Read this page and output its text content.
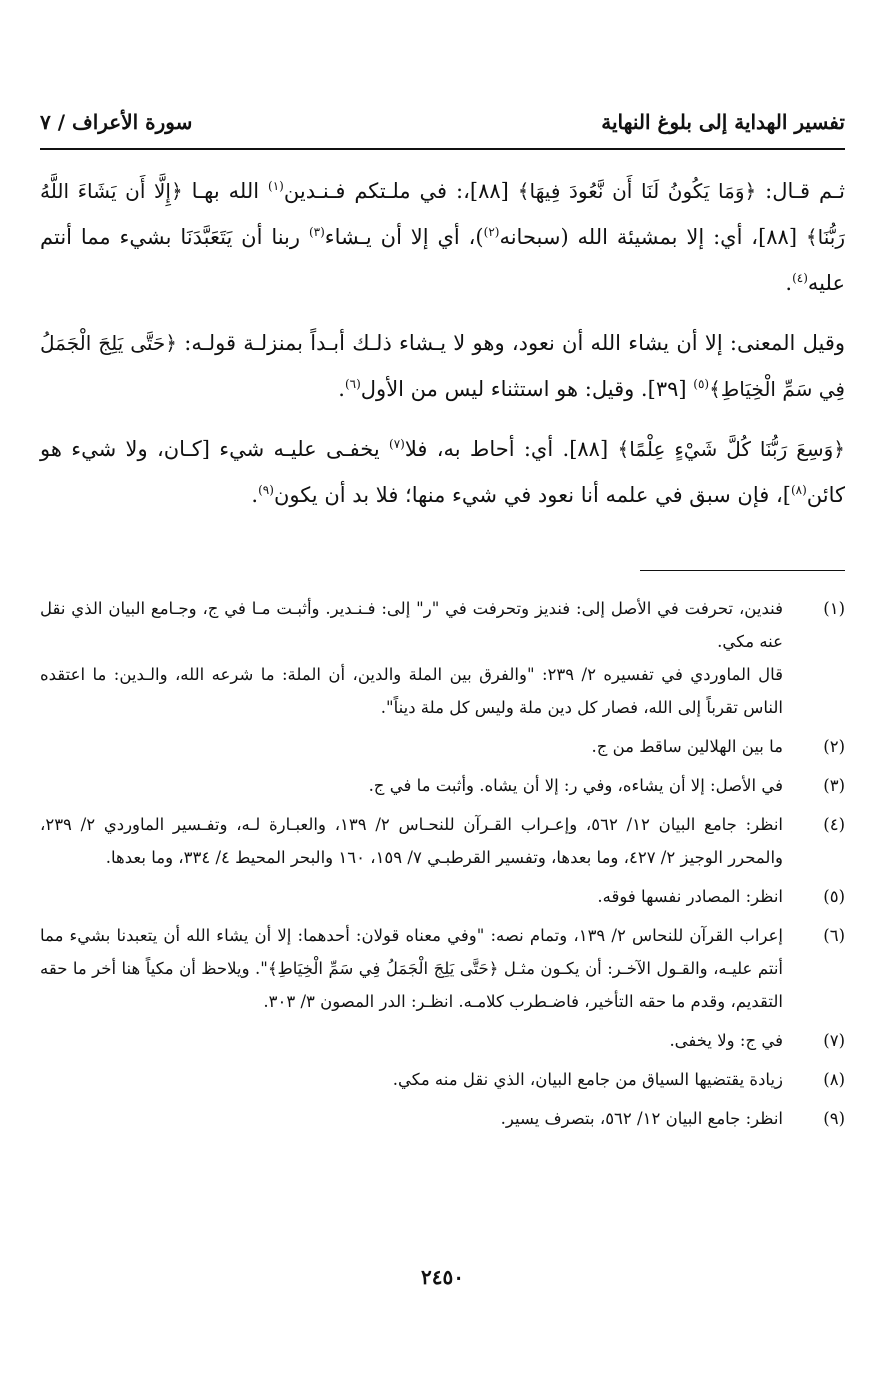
تفسير الهداية إلى بلوغ النهاية
سورة الأعراف / ٧

ثـم قـال: ﴿وَمَا يَكُونُ لَنَا أَن نَّعُودَ فِيهَا﴾ [٨٨]،: في ملـتكم فـنـدين$^{(١)}$ الله بهـا ﴿إِلَّا أَن يَشَاءَ اللَّهُ رَبُّنَا﴾ [٨٨]، أي: إلا بمشيئة الله (سبحانه$^{(٢)}$)، أي إلا أن يـشاء$^{(٣)}$ ربنا أن يَتَعَبَّدَنَا بشيء مما أنتم عليه$^{(٤)}$.

وقيل المعنى: إلا أن يشاء الله أن نعود، وهو لا يـشاء ذلـك أبـداً بمنزلـة قولـه: ﴿حَتَّى يَلِجَ الْجَمَلُ فِي سَمِّ الْخِيَاطِ﴾$^{(٥)}$ [٣٩]. وقيل: هو استثناء ليس من الأول$^{(٦)}$.

﴿وَسِعَ رَبُّنَا كُلَّ شَيْءٍ عِلْمًا﴾ [٨٨]. أي: أحاط به، فلا$^{(٧)}$ يخفـى عليـه شيء [كـان، ولا شيء هو كائن$^{(٨)}$]، فإن سبق في علمه أنا نعود في شيء منها؛ فلا بد أن يكون$^{(٩)}$.

(١)
فندين، تحرفت في الأصل إلى: فنديز وتحرفت في "ر" إلى: فـنـدير. وأثبـت مـا في ج، وجـامع البيان الذي نقل عنه مكي.
قال الماوردي في تفسيره ٢/ ٢٣٩: "والفرق بين الملة والدين، أن الملة: ما شرعه الله، والـدين: ما اعتقده الناس تقرباً إلى الله، فصار كل دين ملة وليس كل ملة ديناً".
(٢)
ما بين الهلالين ساقط من ج.
(٣)
في الأصل: إلا أن يشاءه، وفي ر: إلا أن يشاه. وأثبت ما في ج.
(٤)
انظر: جامع البيان ١٢/ ٥٦٢، وإعـراب القـرآن للنحـاس ٢/ ١٣٩، والعبـارة لـه، وتفـسير الماوردي ٢/ ٢٣٩، والمحرر الوجيز ٢/ ٤٢٧، وما بعدها، وتفسير القرطبـي ٧/ ١٥٩، ١٦٠ والبحر المحيط ٤/ ٣٣٤، وما بعدها.
(٥)
انظر: المصادر نفسها فوقه.
(٦)
إعراب القرآن للنحاس ٢/ ١٣٩، وتمام نصه: "وفي معناه قولان: أحدهما: إلا أن يشاء الله أن يتعبدنا بشيء مما أنتم عليـه، والقـول الآخـر: أن يكـون مثـل ﴿حَتَّى يَلِجَ الْجَمَلُ فِي سَمِّ الْخِيَاطِ﴾". ويلاحظ أن مكياً هنا أخر ما حقه التقديم، وقدم ما حقه التأخير، فاضـطرب كلامـه. انظـر: الدر المصون ٣/ ٣٠٣.
(٧)
في ج: ولا يخفى.
(٨)
زيادة يقتضيها السياق من جامع البيان، الذي نقل منه مكي.
(٩)
انظر: جامع البيان ١٢/ ٥٦٢، بتصرف يسير.
٢٤٥٠
